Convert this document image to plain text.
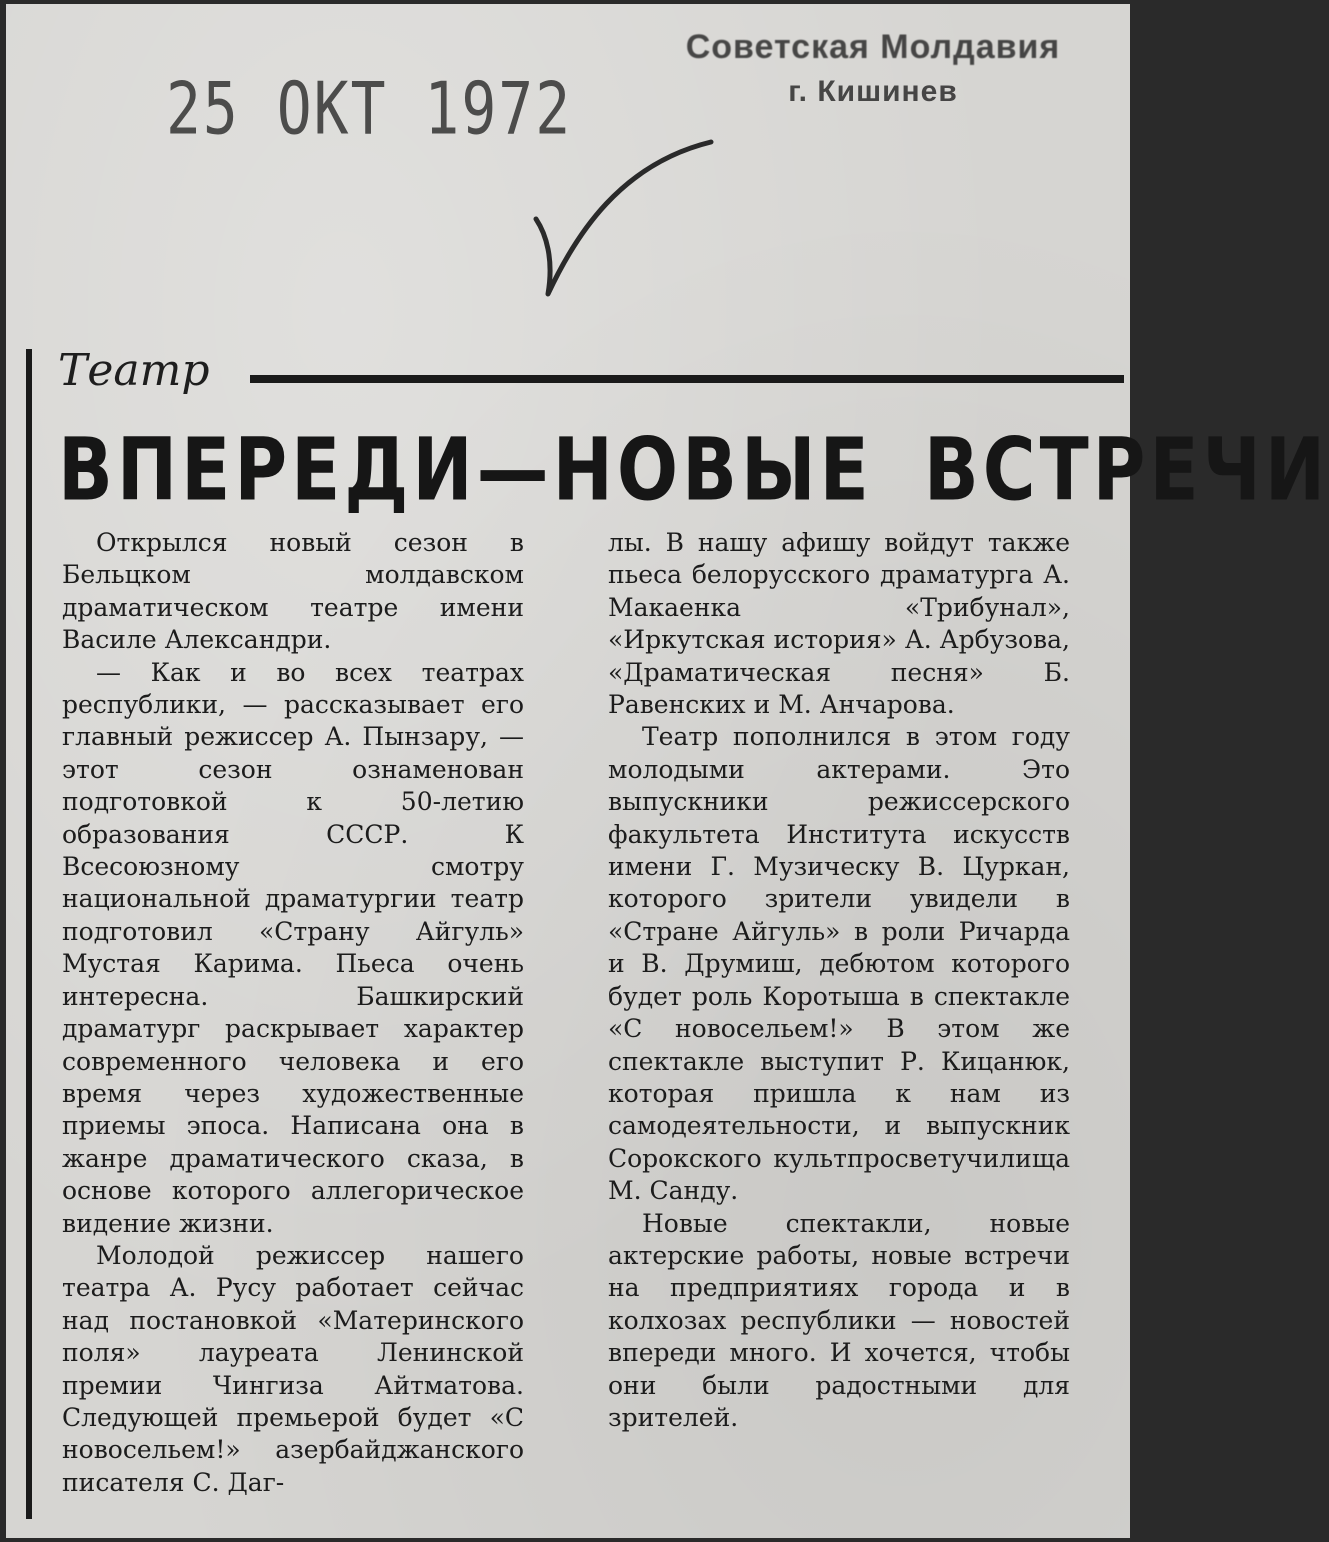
25 ОКТ 1972
Советская Молдавия
г. Кишинев
Театр
ВПЕРЕДИ—НОВЫЕ ВСТРЕЧИ

Открылся новый сезон в Бельцком молдавском драматическом театре имени Василе Александри.

— Как и во всех театрах республики, — рассказывает его главный режиссер А. Пынзару, — этот сезон ознаменован подготовкой к 50-летию образования СССР. К Всесоюзному смотру национальной драматургии театр подготовил «Страну Айгуль» Мустая Карима. Пьеса очень интересна. Башкирский драматург раскрывает характер современного человека и его время через художественные приемы эпоса. Написана она в жанре драматического сказа, в основе которого аллегорическое видение жизни.

Молодой режиссер нашего театра А. Русу работает сейчас над постановкой «Материнского поля» лауреата Ленинской премии Чингиза Айтматова. Следующей премьерой будет «С новосельем!» азербайджанского писателя С. Даг-

лы. В нашу афишу войдут также пьеса белорусского драматурга А. Макаенка «Трибунал», «Иркутская история» А. Арбузова, «Драматическая песня» Б. Равенских и М. Анчарова.

Театр пополнился в этом году молодыми актерами. Это выпускники режиссерского факультета Института искусств имени Г. Музическу В. Цуркан, которого зрители увидели в «Стране Айгуль» в роли Ричарда и В. Друмиш, дебютом которого будет роль Коротыша в спектакле «С новосельем!» В этом же спектакле выступит Р. Кицанюк, которая пришла к нам из самодеятельности, и выпускник Сорокского культпросветучилища М. Санду.

Новые спектакли, новые актерские работы, новые встречи на предприятиях города и в колхозах республики — новостей впереди много. И хочется, чтобы они были радостными для зрителей.
